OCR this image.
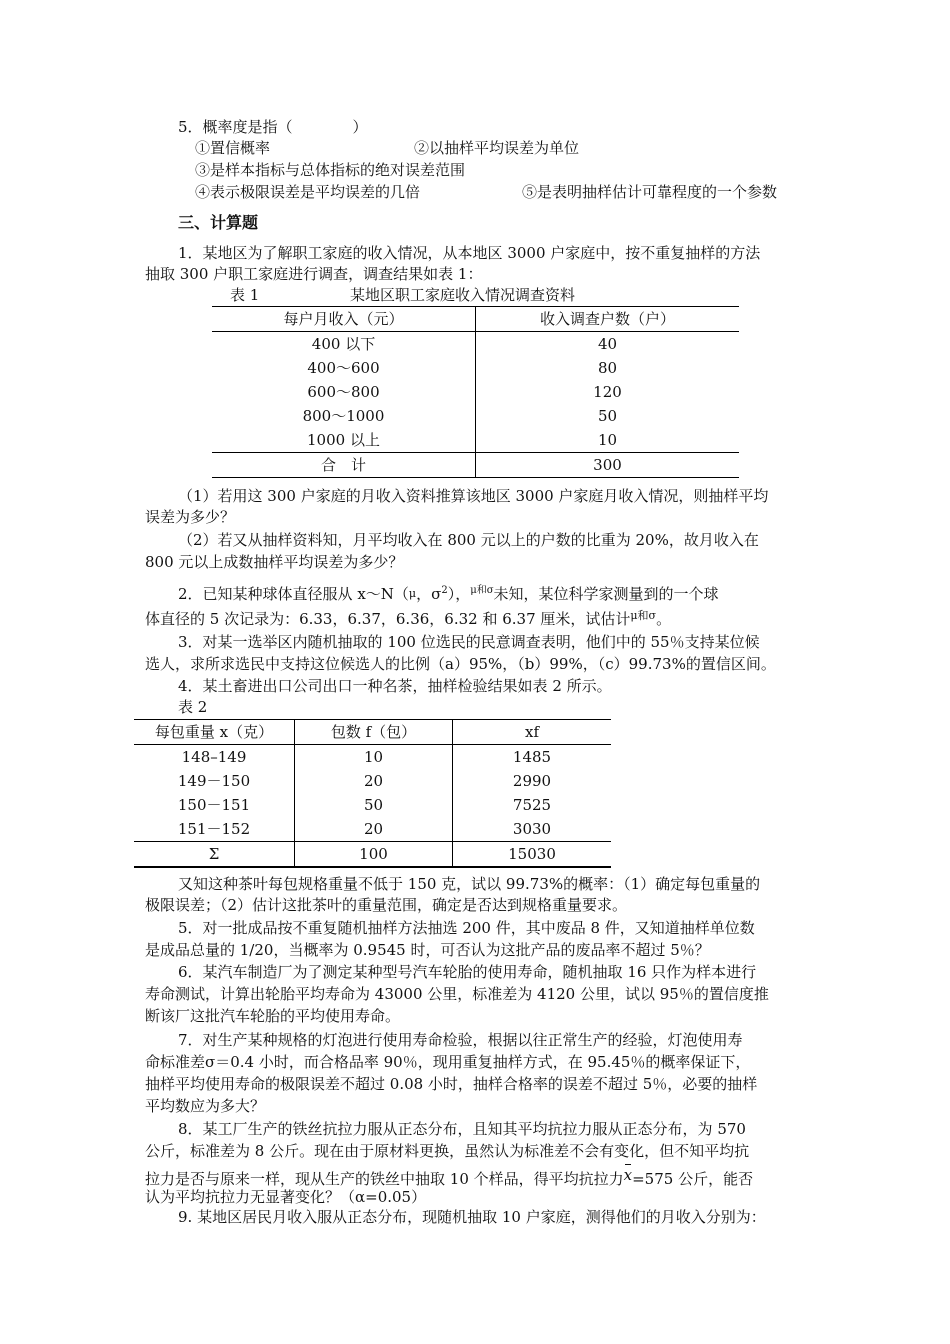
5．概率度是指（　　　　）
①置信概率	②以抽样平均误差为单位
③是样本指标与总体指标的绝对误差范围
④表示极限误差是平均误差的几倍	⑤是表明抽样估计可靠程度的一个参数
三、计算题
1．某地区为了解职工家庭的收入情况，从本地区 3000 户家庭中，按不重复抽样的方法
抽取 300 户职工家庭进行调查，调查结果如表 1：
表 1	某地区职工家庭收入情况调查资料
每户月收入（元）	收入调查户数（户）
400 以下	40
400～600	80
600～800	120
800～1000	50
1000 以上	10
合　计	300
（1）若用这 300 户家庭的月收入资料推算该地区 3000 户家庭月收入情况，则抽样平均
误差为多少？
（2）若又从抽样资料知，月平均收入在 800 元以上的户数的比重为 20%，故月收入在
800 元以上成数抽样平均误差为多少？
2．已知某种球体直径服从 x～N（μ，$\sigma^2$），$^{\mu 和\sigma}$未知，某位科学家测量到的一个球
体直径的 5 次记录为：6.33，6.37，6.36，6.32 和 6.37 厘米，试估计$^{\mu 和\sigma}$。
3．对某一选举区内随机抽取的 100 位选民的民意调查表明，他们中的 55％支持某位候
选人，求所求选民中支持这位候选人的比例（a）95%，（b）99%，（c）99.73%的置信区间。
4．某土畜进出口公司出口一种名茶，抽样检验结果如表 2 所示。
表 2
每包重量 x（克）	包数 f（包）	xf
148–149	10	1485
149－150	20	2990
150－151	50	7525
151－152	20	3030
Σ	100	15030
又知这种茶叶每包规格重量不低于 150 克，试以 99.73%的概率：（1）确定每包重量的
极限误差；（2）估计这批茶叶的重量范围，确定是否达到规格重量要求。
5．对一批成品按不重复随机抽样方法抽选 200 件，其中废品 8 件，又知道抽样单位数
是成品总量的 1/20，当概率为 0.9545 时，可否认为这批产品的废品率不超过 5％？
6．某汽车制造厂为了测定某种型号汽车轮胎的使用寿命，随机抽取 16 只作为样本进行
寿命测试，计算出轮胎平均寿命为 43000 公里，标准差为 4120 公里，试以 95％的置信度推
断该厂这批汽车轮胎的平均使用寿命。
7．对生产某种规格的灯泡进行使用寿命检验，根据以往正常生产的经验，灯泡使用寿
命标准差σ＝0.4 小时，而合格品率 90％，现用重复抽样方式，在 95.45％的概率保证下，
抽样平均使用寿命的极限误差不超过 0.08 小时，抽样合格率的误差不超过 5％，必要的抽样
平均数应为多大？
8．某工厂生产的铁丝抗拉力服从正态分布，且知其平均抗拉力服从正态分布，为 570
公斤，标准差为 8 公斤。现在由于原材料更换，虽然认为标准差不会有变化，但不知平均抗
拉力是否与原来一样，现从生产的铁丝中抽取 10 个样品，得平均抗拉力x=575 公斤，能否
认为平均抗拉力无显著变化？（α=0.05）
9. 某地区居民月收入服从正态分布，现随机抽取 10 户家庭，测得他们的月收入分别为：
